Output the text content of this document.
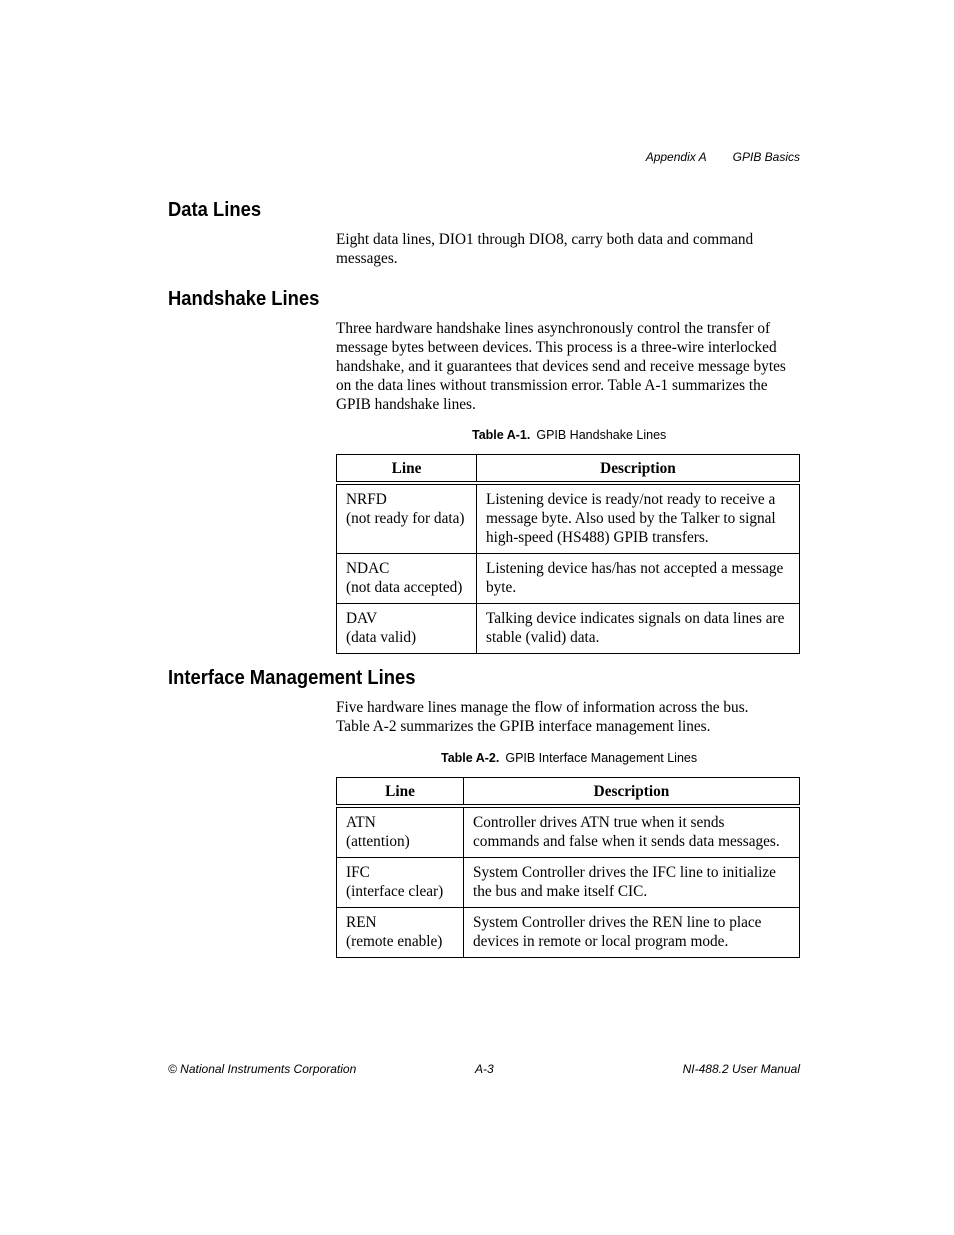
Appendix A GPIB Basics
Data Lines
Eight data lines, DIO1 through DIO8, carry both data and command messages.
Handshake Lines
Three hardware handshake lines asynchronously control the transfer of message bytes between devices. This process is a three-wire interlocked handshake, and it guarantees that devices send and receive message bytes on the data lines without transmission error. Table A-1 summarizes the GPIB handshake lines.
Table A-1. GPIB Handshake Lines
Line	Description

NRFD
(not ready for data)	Listening device is ready/not ready to receive a message byte. Also used by the Talker to signal high-speed (HS488) GPIB transfers.

NDAC
(not data accepted)	Listening device has/has not accepted a message byte.

DAV
(data valid)	Talking device indicates signals on data lines are stable (valid) data.
Interface Management Lines
Five hardware lines manage the flow of information across the bus. Table A-2 summarizes the GPIB interface management lines.
Table A-2. GPIB Interface Management Lines
Line	Description

ATN
(attention)	Controller drives ATN true when it sends commands and false when it sends data messages.

IFC
(interface clear)	System Controller drives the IFC line to initialize the bus and make itself CIC.

REN
(remote enable)	System Controller drives the REN line to place devices in remote or local program mode.
© National Instruments Corporation	A-3	NI-488.2 User Manual
